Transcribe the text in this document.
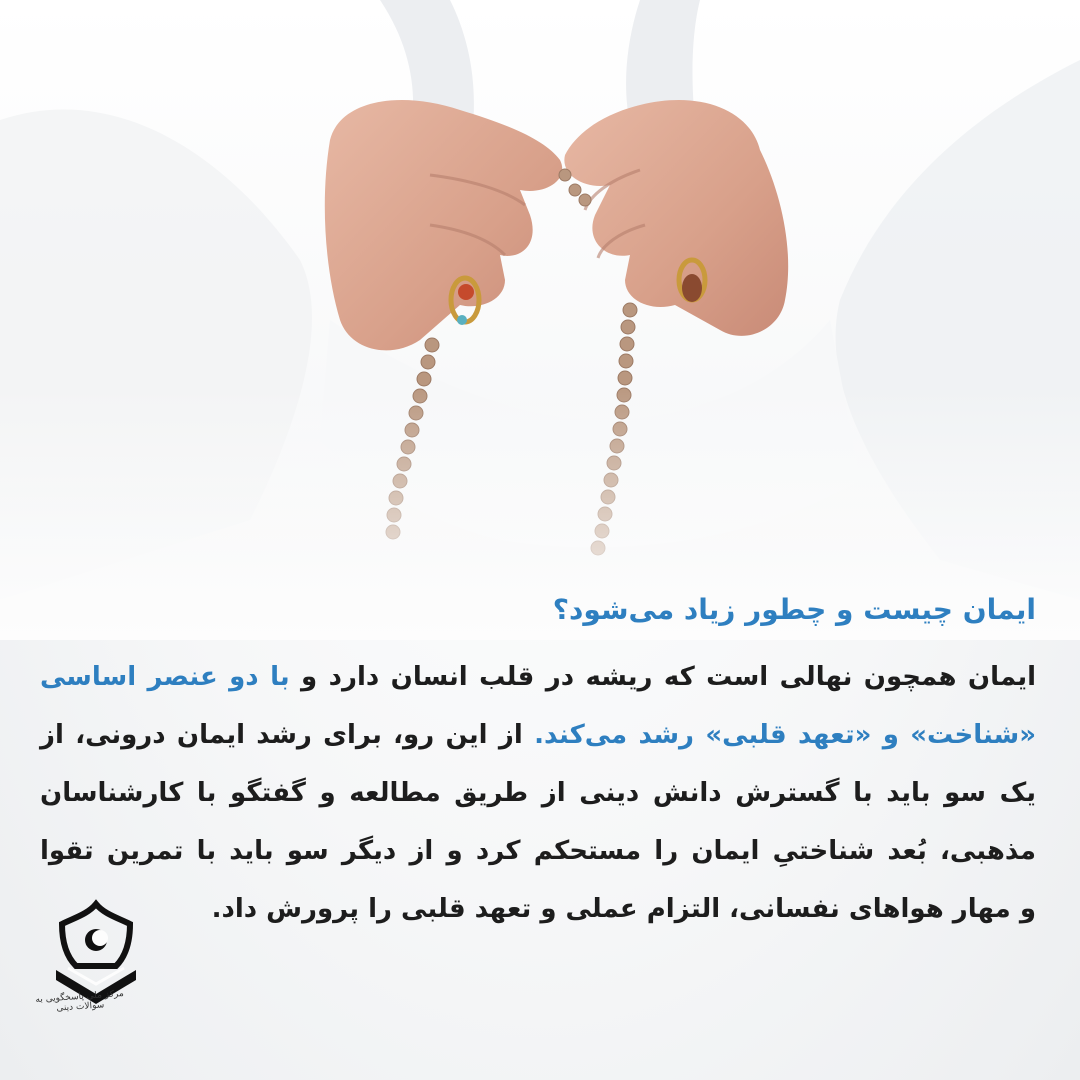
ایمان چیست و چطور زیاد می‌شود؟
ایمان همچون نهالی است که ریشه در قلب انسان دارد و با دو عنصر اساسی
«شناخت» و «تعهد قلبی» رشد می‌کند. از این رو، برای رشد ایمان درونی، از
یک سو باید با گسترش دانش دینی از طریق مطالعه و گفتگو با کارشناسان
مذهبی، بُعد شناختیِ ایمان را مستحکم کرد و از دیگر سو باید با تمرین تقوا
و مهار هواهای نفسانی، التزام عملی و تعهد قلبی را پرورش داد.
مرکز ملی پاسخگویی به سوالات دینی
